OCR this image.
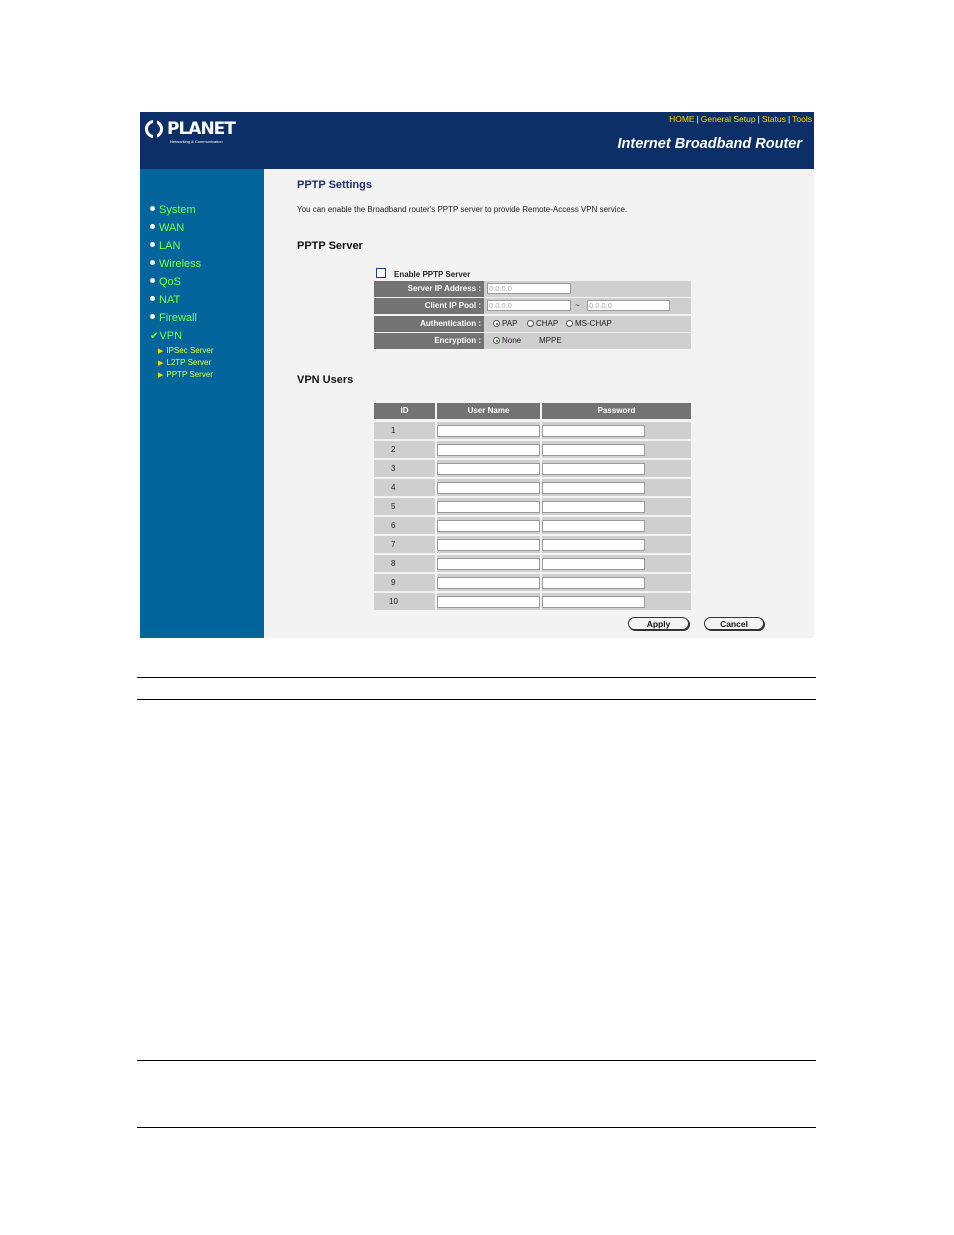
PLANET
Networking & Communication
HOME | General Setup | Status | Tools
Internet Broadband Router
System
WAN
LAN
Wireless
QoS
NAT
Firewall
✔VPN
▶ IPSec Server
▶ L2TP Server
▶ PPTP Server
PPTP Settings
You can enable the Broadband router's PPTP server to provide Remote-Access VPN service.
PPTP Server
Enable PPTP Server
Server IP Address :	0.0.0.0
Client IP Pool :	0.0.0.0	~ 0.0.0.0
Authentication :	PAP	CHAP	MS-CHAP
Encryption :	None MPPE
VPN Users
ID	User Name	Password
1
2
3
4
5
6
7
8
9
10
Apply	Cancel
